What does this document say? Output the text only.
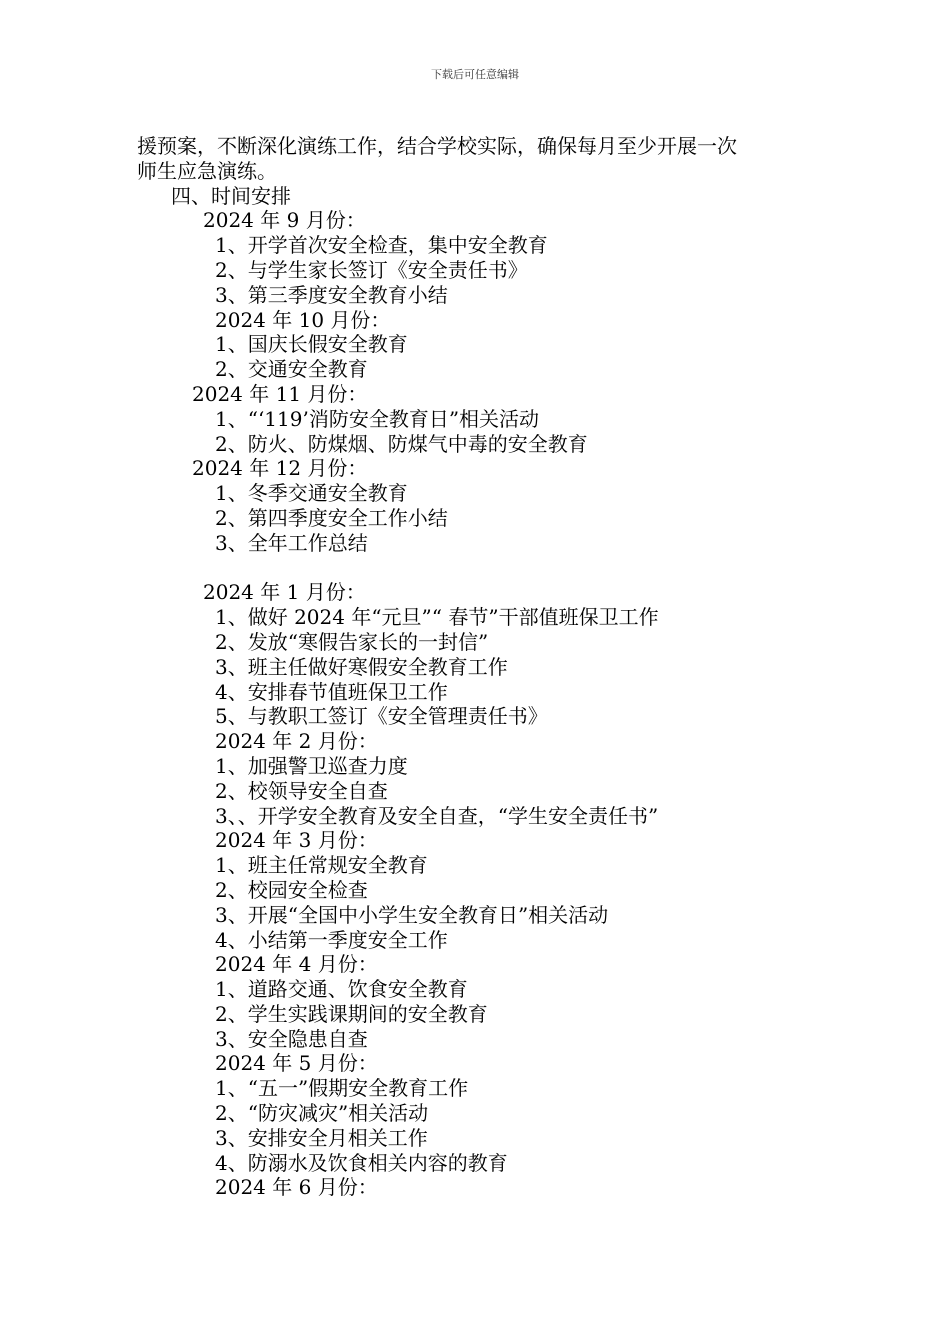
下载后可任意编辑
援预案，不断深化演练工作，结合学校实际，确保每月至少开展一次
师生应急演练。
四、时间安排
2024 年 9 月份：
1、开学首次安全检查，集中安全教育
2、与学生家长签订《安全责任书》
3、第三季度安全教育小结
2024 年 10 月份：
1、国庆长假安全教育
2、交通安全教育
2024 年 11 月份：
1、“‘119’消防安全教育日”相关活动
2、防火、防煤烟、防煤气中毒的安全教育
2024 年 12 月份：
1、冬季交通安全教育
2、第四季度安全工作小结
3、全年工作总结
2024 年 1 月份：
1、做好 2024 年“元旦”“ 春节”干部值班保卫工作
2、发放“寒假告家长的一封信”
3、班主任做好寒假安全教育工作
4、安排春节值班保卫工作
5、与教职工签订《安全管理责任书》
2024 年 2 月份：
1、加强警卫巡查力度
2、校领导安全自查
3、、开学安全教育及安全自查，“学生安全责任书”
2024 年 3 月份：
1、班主任常规安全教育
2、校园安全检查
3、开展“全国中小学生安全教育日”相关活动
4、小结第一季度安全工作
2024 年 4 月份：
1、道路交通、饮食安全教育
2、学生实践课期间的安全教育
3、安全隐患自查
2024 年 5 月份：
1、“五一”假期安全教育工作
2、“防灾减灾”相关活动
3、安排安全月相关工作
4、防溺水及饮食相关内容的教育
2024 年 6 月份：
